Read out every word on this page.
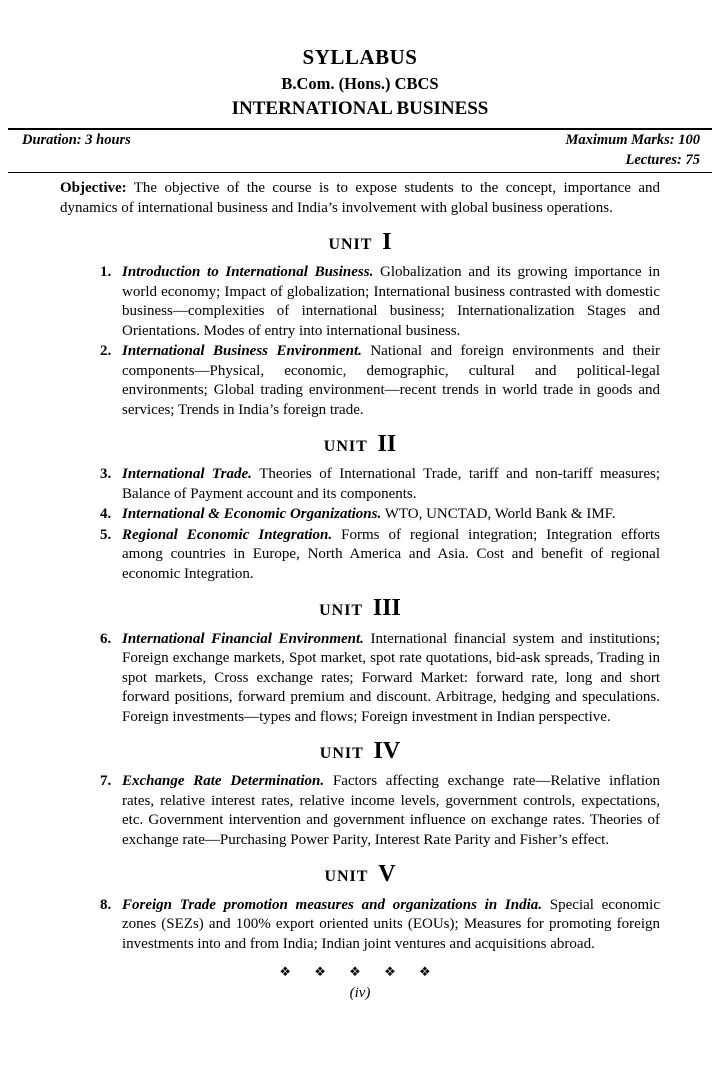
SYLLABUS
B.Com. (Hons.) CBCS
INTERNATIONAL BUSINESS
Duration: 3 hours	Maximum Marks: 100
Lectures: 75

Objective: The objective of the course is to expose students to the concept, importance and dynamics of international business and India’s involvement with global business operations.

UNIT I
1. Introduction to International Business. Globalization and its growing importance in world economy; Impact of globalization; International business contrasted with domestic business—complexities of international business; Internationalization Stages and Orientations. Modes of entry into international business.
2. International Business Environment. National and foreign environments and their components—Physical, economic, demographic, cultural and political-legal environments; Global trading environment—recent trends in world trade in goods and services; Trends in India’s foreign trade.
UNIT II
3. International Trade. Theories of International Trade, tariff and non-tariff measures; Balance of Payment account and its components.
4. International & Economic Organizations. WTO, UNCTAD, World Bank & IMF.
5. Regional Economic Integration. Forms of regional integration; Integration efforts among countries in Europe, North America and Asia. Cost and benefit of regional economic Integration.
UNIT III
6. International Financial Environment. International financial system and institutions; Foreign exchange markets, Spot market, spot rate quotations, bid-ask spreads, Trading in spot markets, Cross exchange rates; Forward Market: forward rate, long and short forward positions, forward premium and discount. Arbitrage, hedging and speculations. Foreign investments—types and flows; Foreign investment in Indian perspective.
UNIT IV
7. Exchange Rate Determination. Factors affecting exchange rate—Relative inflation rates, relative interest rates, relative income levels, government controls, expectations, etc. Government intervention and government influence on exchange rates. Theories of exchange rate—Purchasing Power Parity, Interest Rate Parity and Fisher’s effect.
UNIT V
8. Foreign Trade promotion measures and organizations in India. Special economic zones (SEZs) and 100% export oriented units (EOUs); Measures for promoting foreign investments into and from India; Indian joint ventures and acquisitions abroad.
❖ ❖ ❖ ❖ ❖
(iv)
